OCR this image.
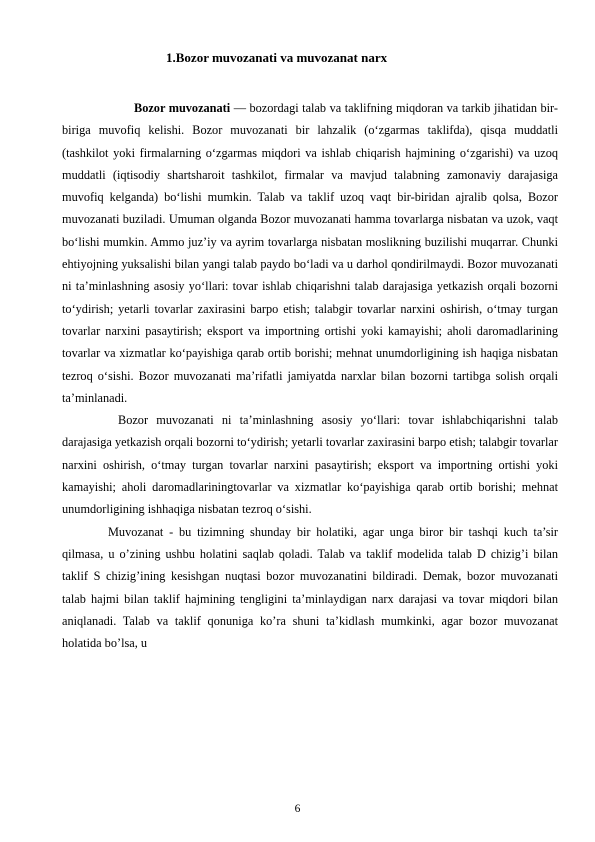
1.Bozor muvozanati va muvozanat narx

Bozor muvozanati — bozordagi talab va taklifning miqdoran va tarkib jihatidan bir-biriga muvofiq kelishi. Bozor muvozanati bir lahzalik (oʻzgarmas taklifda), qisqa muddatli (tashkilot yoki firmalarning oʻzgarmas miqdori va ishlab chiqarish hajmining oʻzgarishi) va uzoq muddatli (iqtisodiy shartsharoit tashkilot, firmalar va mavjud talabning zamonaviy darajasiga muvofiq kelganda) boʻlishi mumkin. Talab va taklif uzoq vaqt bir-biridan ajralib qolsa, Bozor muvozanati buziladi. Umuman olganda Bozor muvozanati hamma tovarlarga nisbatan va uzok, vaqt boʻlishi mumkin. Ammo juzʼiy va ayrim tovarlarga nisbatan moslikning buzilishi muqarrar. Chunki ehtiyojning yuksalishi bilan yangi talab paydo boʻladi va u darhol qondirilmaydi. Bozor muvozanati ni taʼminlashning asosiy yoʻllari: tovar ishlab chiqarishni talab darajasiga yetkazish orqali bozorni toʻydirish; yetarli tovarlar zaxirasini barpo etish; talabgir tovarlar narxini oshirish, oʻtmay turgan tovarlar narxini pasaytirish; eksport va importning ortishi yoki kamayishi; aholi daromadlarining tovarlar va xizmatlar koʻpayishiga qarab ortib borishi; mehnat unumdorligining ish haqiga nisbatan tezroq oʻsishi. Bozor muvozanati maʼrifatli jamiyatda narxlar bilan bozorni tartibga solish orqali taʼminlanadi.

Bozor muvozanati ni taʼminlashning asosiy yoʻllari: tovar ishlabchiqarishni talab darajasiga yetkazish orqali bozorni toʻydirish; yetarli tovarlar zaxirasini barpo etish; talabgir tovarlar narxini oshirish, oʻtmay turgan tovarlar narxini pasaytirish; eksport va importning ortishi yoki kamayishi; aholi daromadlariningtovarlar va xizmatlar koʻpayishiga qarab ortib borishi; mehnat unumdorligining ishhaqiga nisbatan tezroq oʻsishi.

Muvozanat - bu tizimning shunday bir holatiki, agar unga biror bir tashqi kuch ta’sir qilmasa, u o’zining ushbu holatini saqlab qoladi. Talab va taklif modelida talab D chizig’i bilan taklif S chizig’ining kesishgan nuqtasi bozor muvozanatini bildiradi. Demak, bozor muvozanati talab hajmi bilan taklif hajmining tengligini ta’minlaydigan narx darajasi va tovar miqdori bilan aniqlanadi. Talab va taklif qonuniga ko’ra shuni ta’kidlash mumkinki, agar bozor muvozanat holatida bo’lsa, u

6
